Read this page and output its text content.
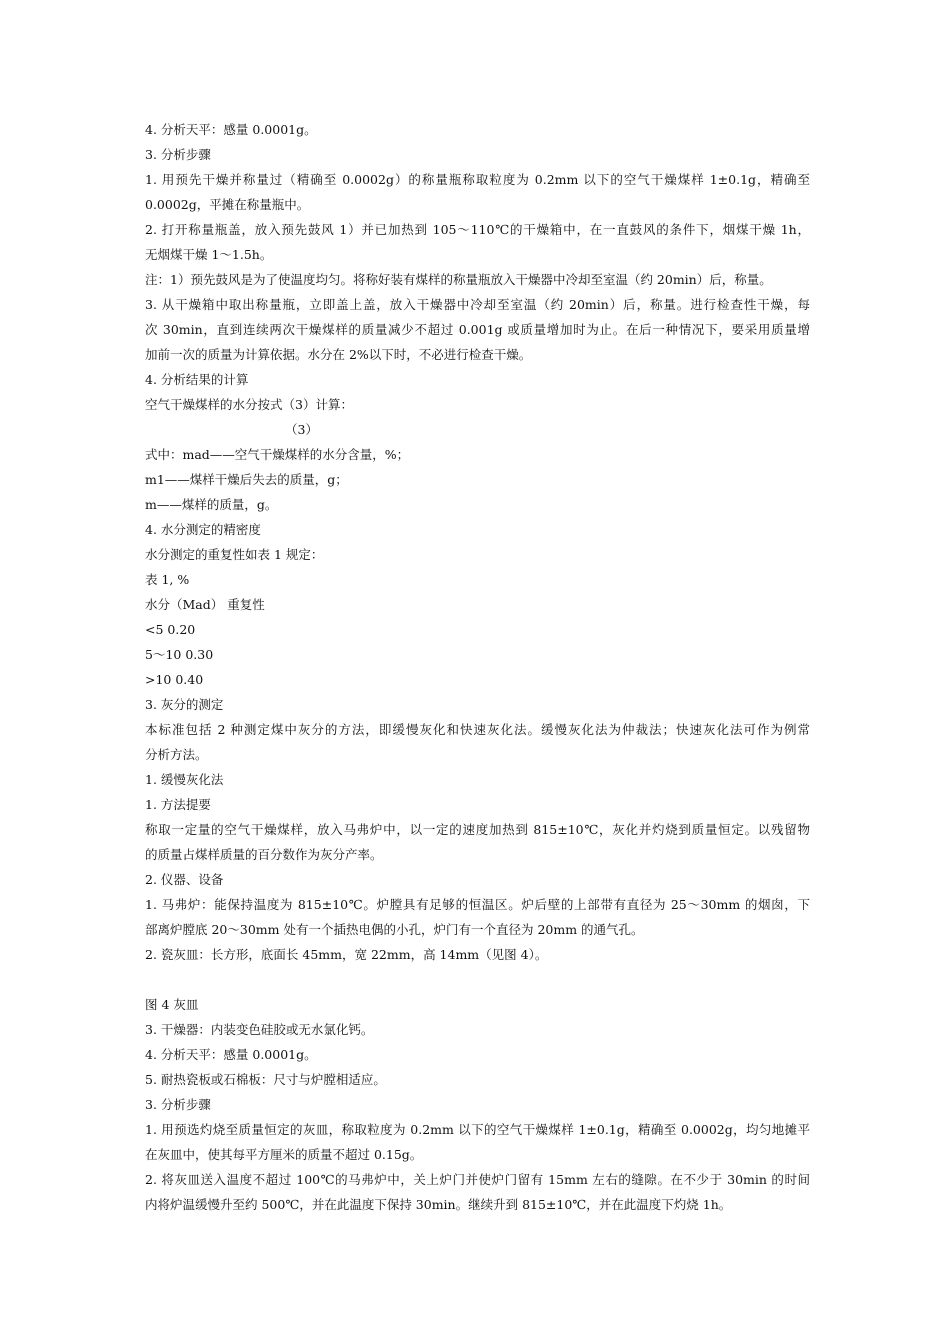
4. 分析天平：感量 0.0001g。
3. 分析步骤
1. 用预先干燥并称量过（精确至 0.0002g）的称量瓶称取粒度为 0.2mm 以下的空气干燥煤样 1±0.1g，精确至
0.0002g，平摊在称量瓶中。
2. 打开称量瓶盖，放入预先鼓风 1）并已加热到 105～110℃的干燥箱中，在一直鼓风的条件下，烟煤干燥 1h，
无烟煤干燥 1～1.5h。
注：1）预先鼓风是为了使温度均匀。将称好装有煤样的称量瓶放入干燥器中冷却至室温（约 20min）后，称量。
3. 从干燥箱中取出称量瓶，立即盖上盖，放入干燥器中冷却至室温（约 20min）后，称量。进行检查性干燥，每
次 30min，直到连续两次干燥煤样的质量减少不超过 0.001g 或质量增加时为止。在后一种情况下，要采用质量增
加前一次的质量为计算依据。水分在 2%以下时，不必进行检查干燥。
4. 分析结果的计算
空气干燥煤样的水分按式（3）计算：
（3）
式中：mad——空气干燥煤样的水分含量，%；
m1——煤样干燥后失去的质量，g；
m——煤样的质量，g。
4. 水分测定的精密度
水分测定的重复性如表 1 规定：
表 1, %
水分（Mad） 重复性
<5 0.20
5～10 0.30
>10 0.40
3. 灰分的测定
本标准包括 2 种测定煤中灰分的方法，即缓慢灰化和快速灰化法。缓慢灰化法为仲裁法；快速灰化法可作为例常
分析方法。
1. 缓慢灰化法
1. 方法提要
称取一定量的空气干燥煤样，放入马弗炉中，以一定的速度加热到 815±10℃，灰化并灼烧到质量恒定。以残留物
的质量占煤样质量的百分数作为灰分产率。
2. 仪器、设备
1. 马弗炉：能保持温度为 815±10℃。炉膛具有足够的恒温区。炉后壁的上部带有直径为 25～30mm 的烟囱，下
部离炉膛底 20～30mm 处有一个插热电偶的小孔，炉门有一个直径为 20mm 的通气孔。
2. 瓷灰皿：长方形，底面长 45mm，宽 22mm，高 14mm（见图 4）。
图 4 灰皿
3. 干燥器：内装变色硅胶或无水氯化钙。
4. 分析天平：感量 0.0001g。
5. 耐热瓷板或石棉板：尺寸与炉膛相适应。
3. 分析步骤
1. 用预选灼烧至质量恒定的灰皿，称取粒度为 0.2mm 以下的空气干燥煤样 1±0.1g，精确至 0.0002g，均匀地摊平
在灰皿中，使其每平方厘米的质量不超过 0.15g。
2. 将灰皿送入温度不超过 100℃的马弗炉中，关上炉门并使炉门留有 15mm 左右的缝隙。在不少于 30min 的时间
内将炉温缓慢升至约 500℃，并在此温度下保持 30min。继续升到 815±10℃，并在此温度下灼烧 1h。
